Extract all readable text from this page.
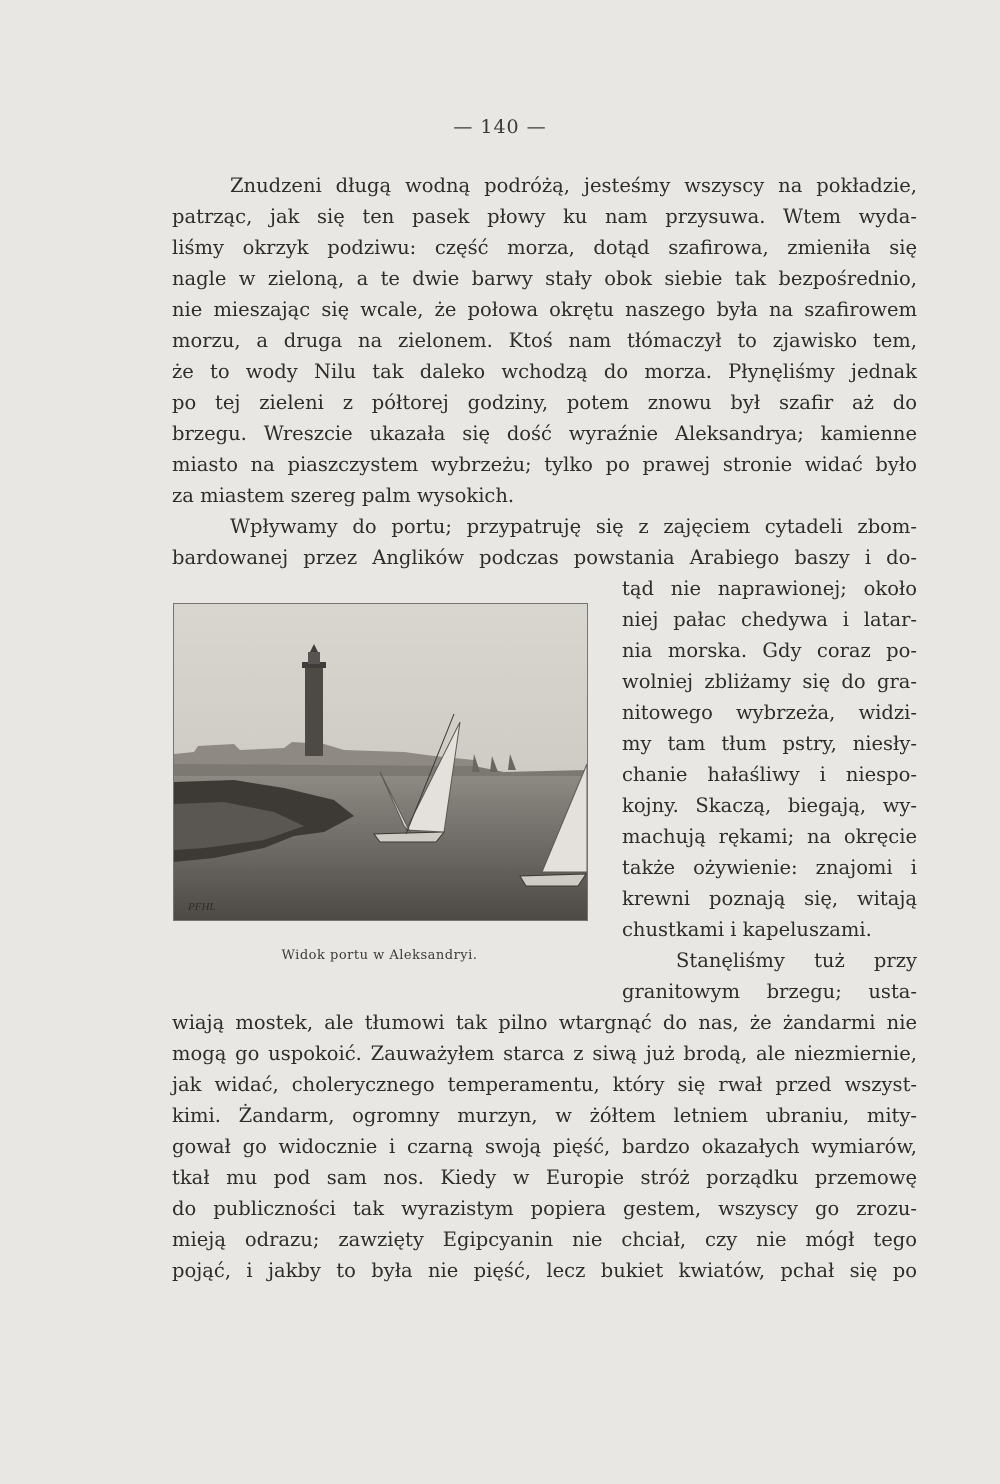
— 140 —
Znudzeni długą wodną podróżą, jesteśmy wszyscy na pokładzie,
patrząc, jak się ten pasek płowy ku nam przysuwa. Wtem wyda-
liśmy okrzyk podziwu: część morza, dotąd szafirowa, zmieniła się
nagle w zieloną, a te dwie barwy stały obok siebie tak bezpośrednio,
nie mieszając się wcale, że połowa okrętu naszego była na szafirowem
morzu, a druga na zielonem. Ktoś nam tłómaczył to zjawisko tem,
że to wody Nilu tak daleko wchodzą do morza. Płynęliśmy jednak
po tej zieleni z półtorej godziny, potem znowu był szafir aż do
brzegu. Wreszcie ukazała się dość wyraźnie Aleksandrya; kamienne
miasto na piaszczystem wybrzeżu; tylko po prawej stronie widać było
za miastem szereg palm wysokich.
Wpływamy do portu; przypatruję się z zajęciem cytadeli zbom-
bardowanej przez Anglików podczas powstania Arabiego baszy i do-
tąd nie naprawionej; około
niej pałac chedywa i latar-
nia morska. Gdy coraz po-
wolniej zbliżamy się do gra-
nitowego wybrzeża, widzi-
my tam tłum pstry, niesły-
chanie hałaśliwy i niespo-
kojny. Skaczą, biegają, wy-
machują rękami; na okręcie
także ożywienie: znajomi i
krewni poznają się, witają
chustkami i kapeluszami.
Stanęliśmy tuż przy
granitowym brzegu; usta-
wiają mostek, ale tłumowi tak pilno wtargnąć do nas, że żandarmi nie
mogą go uspokoić. Zauważyłem starca z siwą już brodą, ale niezmiernie,
jak widać, cholerycznego temperamentu, który się rwał przed wszyst-
kimi. Żandarm, ogromny murzyn, w żółtem letniem ubraniu, mity-
gował go widocznie i czarną swoją pięść, bardzo okazałych wymiarów,
tkał mu pod sam nos. Kiedy w Europie stróż porządku przemowę
do publiczności tak wyrazistym popiera gestem, wszyscy go zrozu-
mieją odrazu; zawzięty Egipcyanin nie chciał, czy nie mógł tego
pojąć, i jakby to była nie pięść, lecz bukiet kwiatów, pchał się po
PFHL
Widok portu w Aleksandryi.
